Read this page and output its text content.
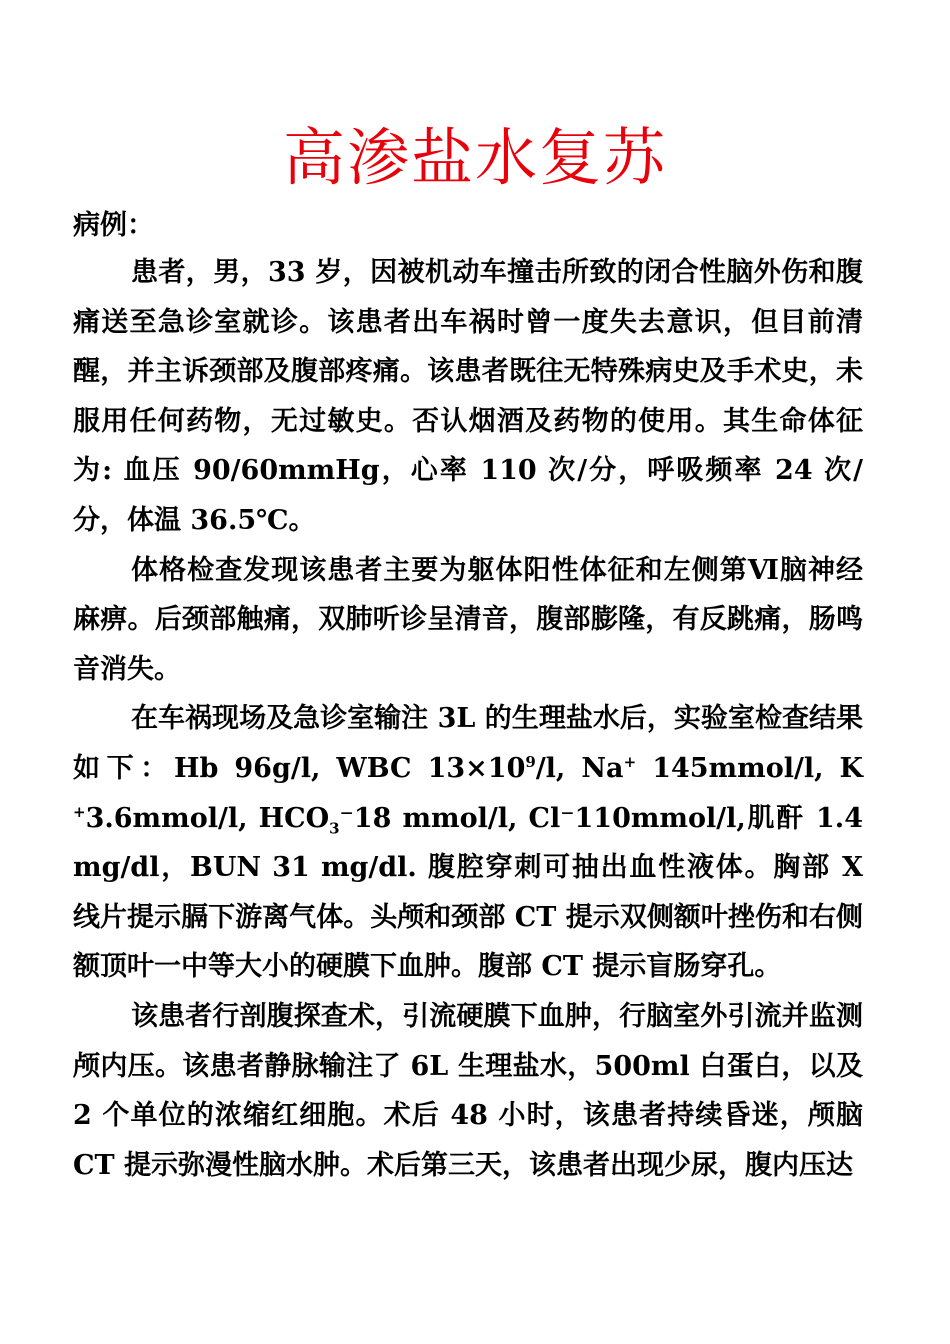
高渗盐水复苏

病例：

患者，男，33 岁，因被机动车撞击所致的闭合性脑外伤和腹痛送至急诊室就诊。该患者出车祸时曾一度失去意识，但目前清醒，并主诉颈部及腹部疼痛。该患者既往无特殊病史及手术史，未服用任何药物，无过敏史。否认烟酒及药物的使用。其生命体征为: 血压 90/60mmHg，心率 110 次/分，呼吸频率 24 次/分，体温 36.5℃。

体格检查发现该患者主要为躯体阳性体征和左侧第Ⅵ脑神经麻痹。后颈部触痛，双肺听诊呈清音，腹部膨隆，有反跳痛，肠鸣音消失。

在车祸现场及急诊室输注 3L 的生理盐水后，实验室检查结果如下：Hb 96g/l, WBC $13\times 10^9/l$, Na+ 145mmol/l, K +3.6mmol/l, $HCO_3^-18$ mmol/l, Cl⁻110mmol/l,肌酐 1.4 mg/dl，BUN 31 mg/dl. 腹腔穿刺可抽出血性液体。胸部 X 线片提示膈下游离气体。头颅和颈部 CT 提示双侧额叶挫伤和右侧额顶叶一中等大小的硬膜下血肿。腹部 CT 提示盲肠穿孔。

该患者行剖腹探查术，引流硬膜下血肿，行脑室外引流并监测颅内压。该患者静脉输注了 6L 生理盐水，500ml 白蛋白，以及 2 个单位的浓缩红细胞。术后 48 小时，该患者持续昏迷，颅脑 CT 提示弥漫性脑水肿。术后第三天，该患者出现少尿，腹内压达
